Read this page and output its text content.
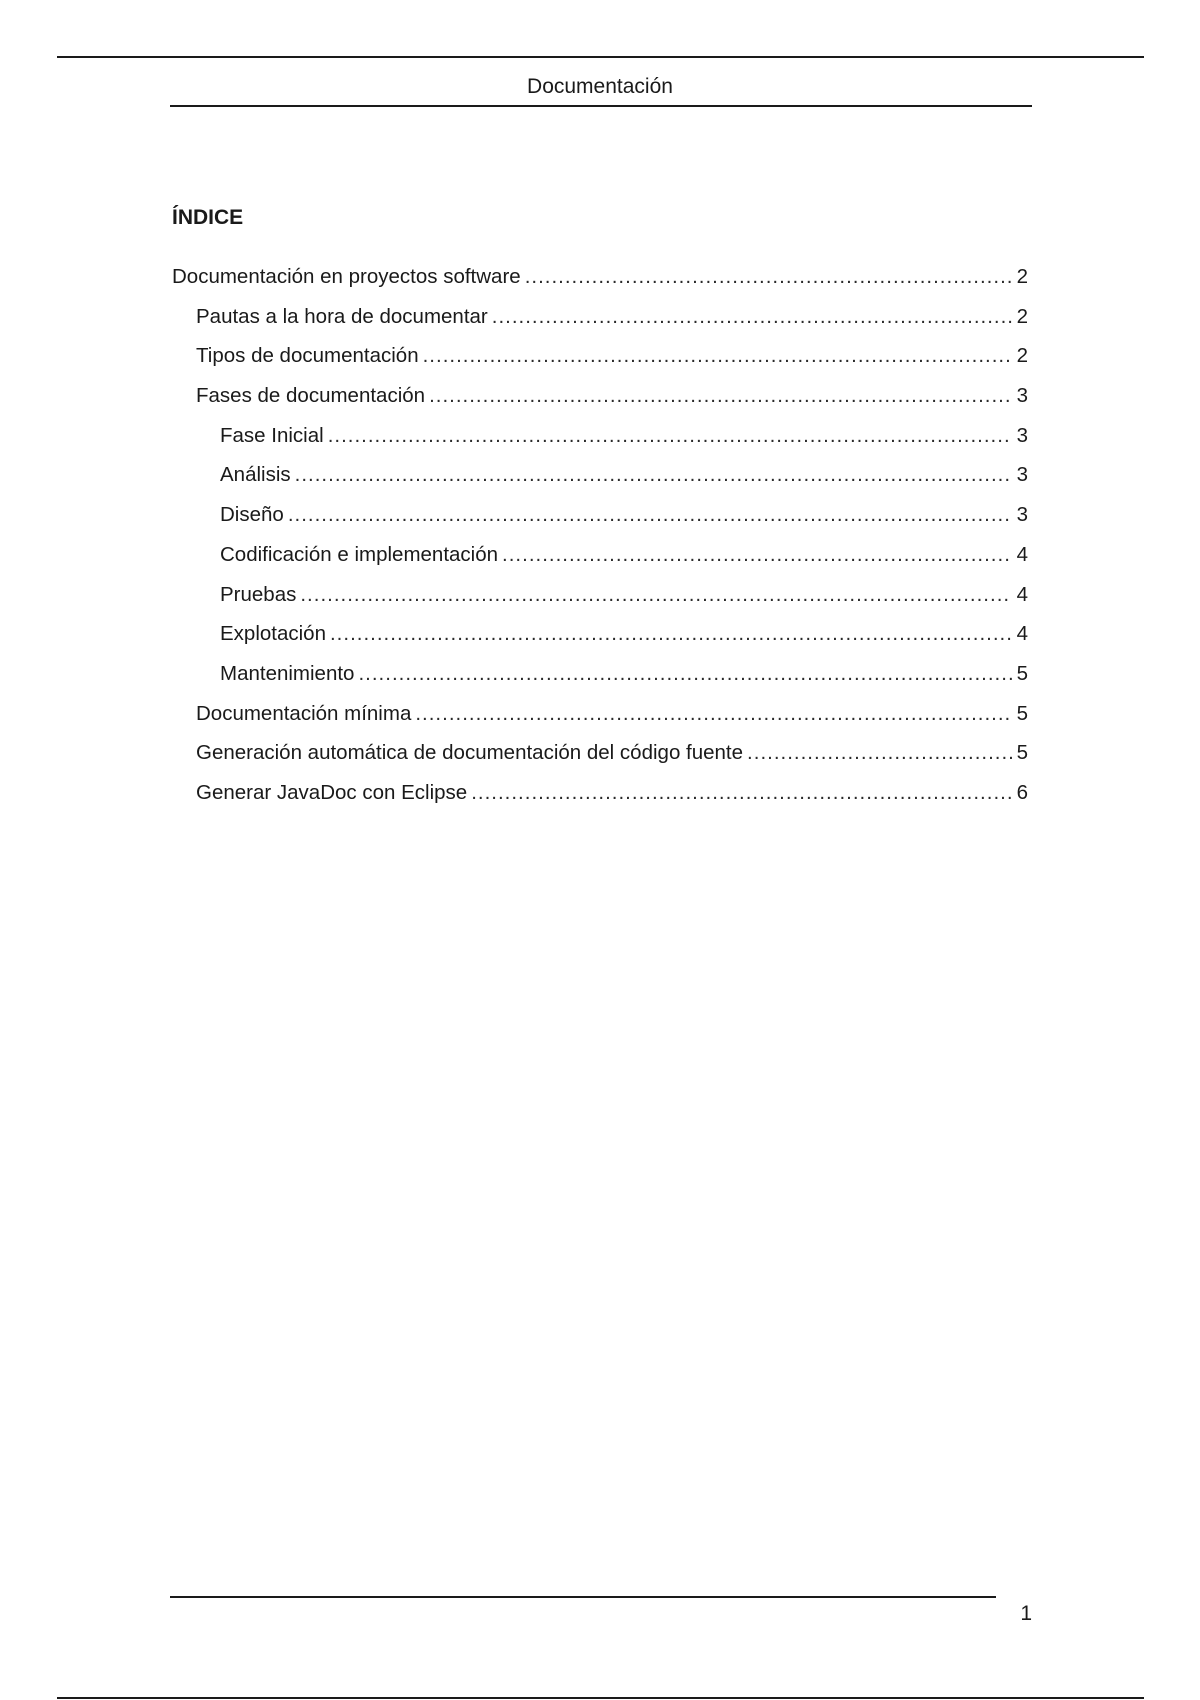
Documentación
ÍNDICE
Documentación en proyectos software .....	2
Pautas a la hora de documentar .....	2
Tipos de documentación .....	2
Fases de documentación .....	3
Fase Inicial .....	3
Análisis .....	3
Diseño .....	3
Codificación e implementación .....	4
Pruebas .....	4
Explotación .....	4
Mantenimiento .....	5
Documentación mínima .....	5
Generación automática de documentación del código fuente .....	5
Generar JavaDoc con Eclipse .....	6
1
